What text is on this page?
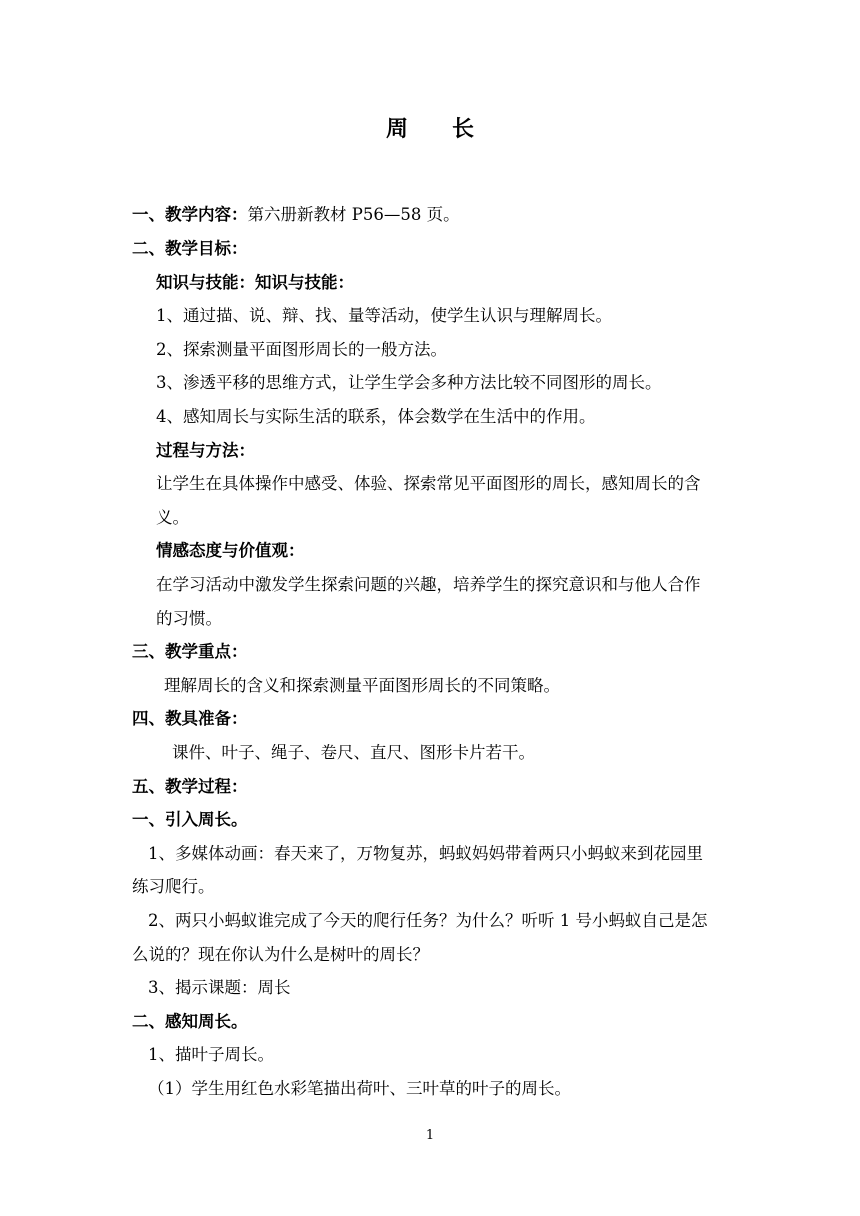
周长
一、教学内容：第六册新教材 P56—58 页。
二、教学目标：
知识与技能：知识与技能：
1、通过描、说、辩、找、量等活动，使学生认识与理解周长。
2、探索测量平面图形周长的一般方法。
3、渗透平移的思维方式，让学生学会多种方法比较不同图形的周长。
4、感知周长与实际生活的联系，体会数学在生活中的作用。
过程与方法：
让学生在具体操作中感受、体验、探索常见平面图形的周长，感知周长的含
义。
情感态度与价值观：
在学习活动中激发学生探索问题的兴趣，培养学生的探究意识和与他人合作
的习惯。
三、教学重点：
理解周长的含义和探索测量平面图形周长的不同策略。
四、教具准备：
课件、叶子、绳子、卷尺、直尺、图形卡片若干。
五、教学过程：
一、引入周长。
1、多媒体动画：春天来了，万物复苏，蚂蚁妈妈带着两只小蚂蚁来到花园里
练习爬行。
2、两只小蚂蚁谁完成了今天的爬行任务？为什么？听听 1 号小蚂蚁自己是怎
么说的？现在你认为什么是树叶的周长？
3、揭示课题：周长
二、感知周长。
1、描叶子周长。
（1）学生用红色水彩笔描出荷叶、三叶草的叶子的周长。
1
